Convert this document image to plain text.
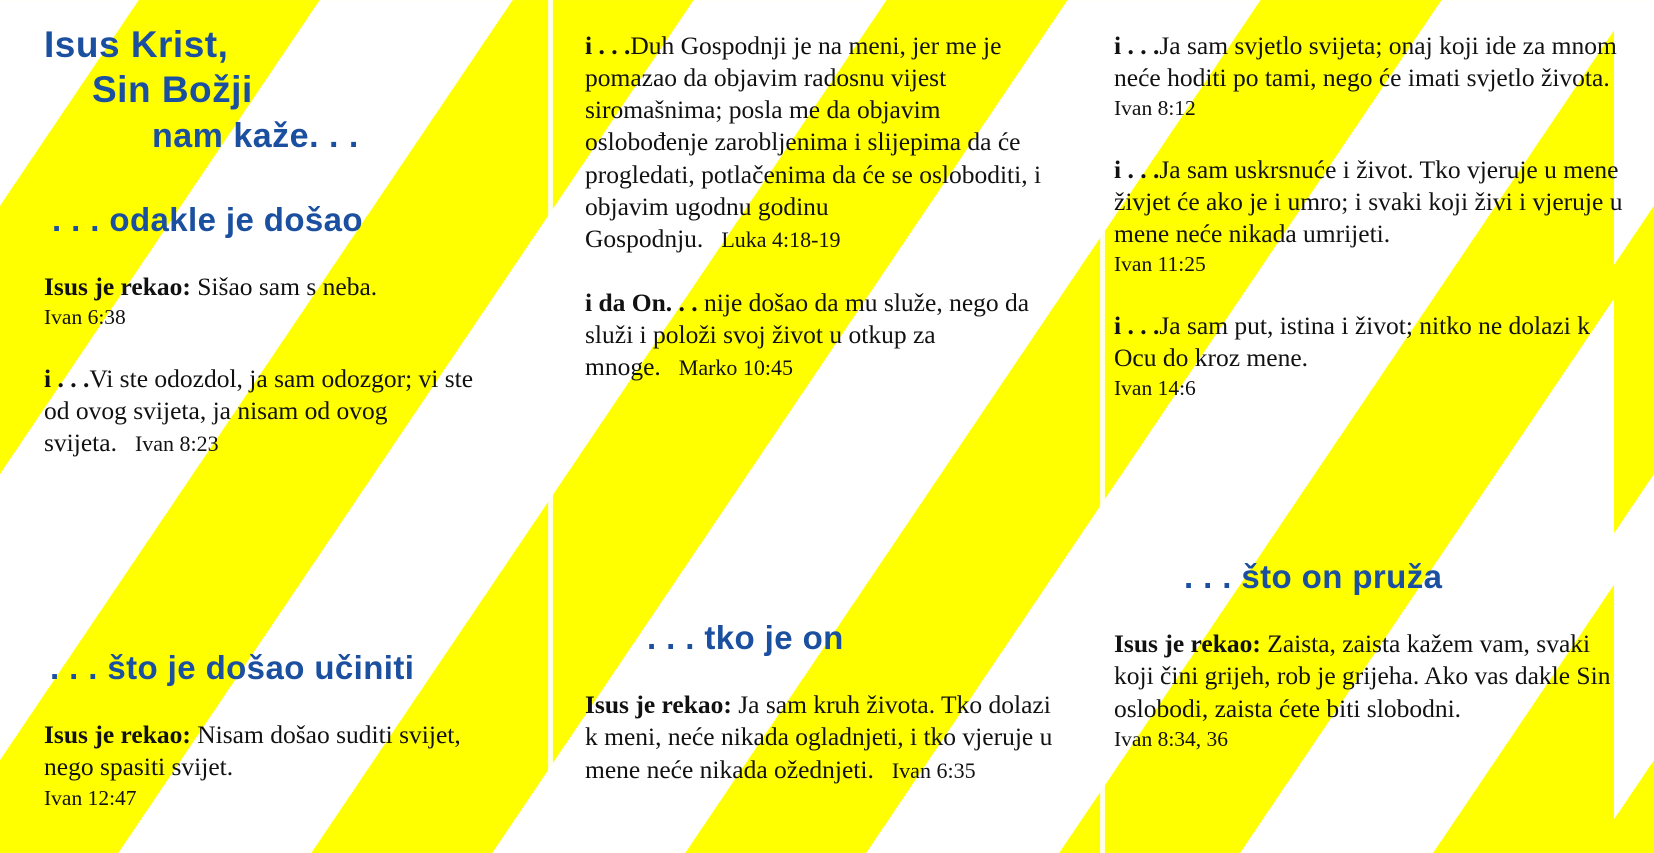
Isus Krist,
Sin Božji
nam kaže. . .
. . . odakle je došao
Isus je rekao: Sišao sam s neba.
Ivan 6:38
i . . .Vi ste odozdol, ja sam odozgor; vi ste od ovog svijeta, ja nisam od ovog svijeta. Ivan 8:23
. . . što je došao učiniti
Isus je rekao: Nisam došao suditi svijet, nego spasiti svijet.
Ivan 12:47
i . . .Duh Gospodnji je na meni, jer me je pomazao da objavim radosnu vijest siromašnima; posla me da objavim oslobođenje zarobljenima i slijepima da će progledati, potlačenima da će se osloboditi, i objavim ugodnu godinu Gospodnju. Luka 4:18-19
i da On. . . nije došao da mu služe, nego da služi i položi svoj život u otkup za mnoge. Marko 10:45
. . . tko je on
Isus je rekao: Ja sam kruh života. Tko dolazi k meni, neće nikada ogladnjeti, i tko vjeruje u mene neće nikada ožednjeti. Ivan 6:35
i . . .Ja sam svjetlo svijeta; onaj koji ide za mnom neće hoditi po tami, nego će imati svjetlo života.
Ivan 8:12
i . . .Ja sam uskrsnuće i život. Tko vjeruje u mene živjet će ako je i umro; i svaki koji živi i vjeruje u mene neće nikada umrijeti.
Ivan 11:25
i . . .Ja sam put, istina i život; nitko ne dolazi k Ocu do kroz mene.
Ivan 14:6
. . . što on pruža
Isus je rekao: Zaista, zaista kažem vam, svaki koji čini grijeh, rob je grijeha. Ako vas dakle Sin oslobodi, zaista ćete biti slobodni.
Ivan 8:34, 36
